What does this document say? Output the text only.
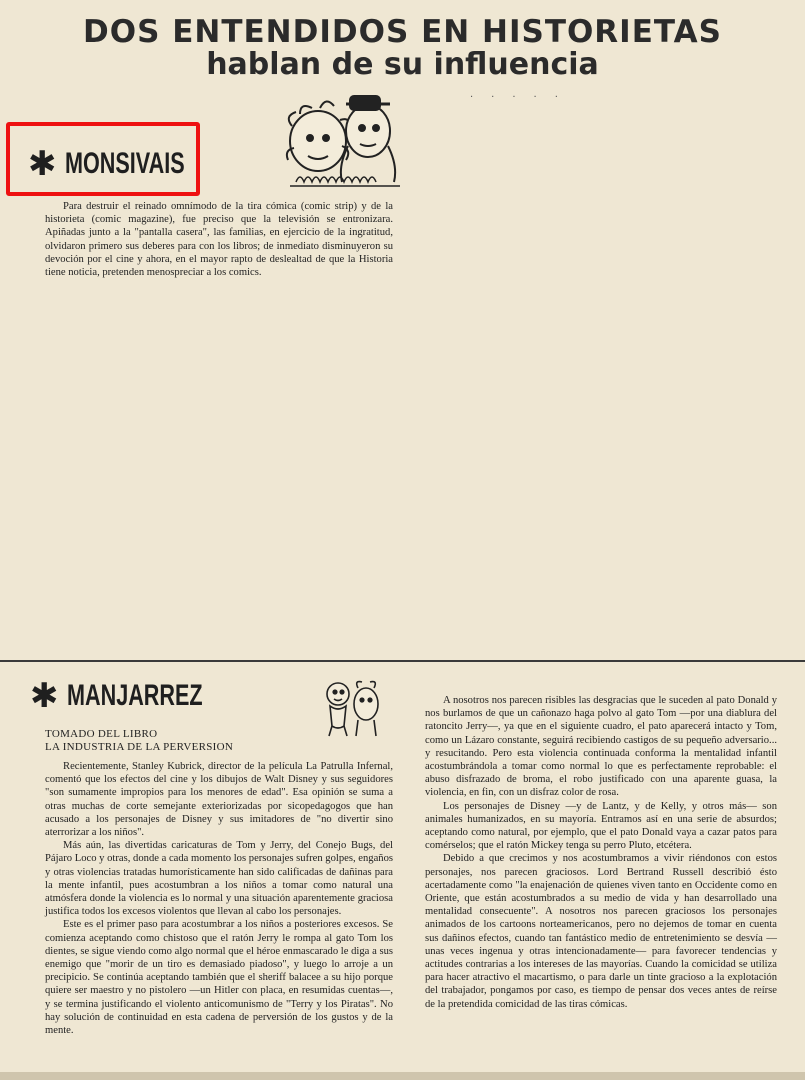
DOS ENTENDIDOS EN HISTORIETAS
hablan de su influencia
·····
✱ MONSIVAIS

Para destruir el reinado omnímodo de la tira cómica (comic strip) y de la historieta (comic magazine), fue preciso que la televisión se entronizara. Apiñadas junto a la "pantalla casera", las familias, en ejercicio de la ingratitud, olvidaron primero sus deberes para con los libros; de inmediato disminuyeron su devoción por el cine y ahora, en el mayor rapto de deslealtad de que la Historia tiene noticia, pretenden menospreciar a los comics.

✱ MANJARREZ
TOMADO DEL LIBRO
LA INDUSTRIA DE LA PERVERSION

Recientemente, Stanley Kubrick, director de la película La Patrulla Infernal, comentó que los efectos del cine y los dibujos de Walt Disney y sus seguidores "son sumamente impropios para los menores de edad". Esa opinión se suma a otras muchas de corte semejante exteriorizadas por sicopedagogos que han acusado a los personajes de Disney y sus imitadores de "no divertir sino aterrorizar a los niños".

Más aún, las divertidas caricaturas de Tom y Jerry, del Conejo Bugs, del Pájaro Loco y otras, donde a cada momento los personajes sufren golpes, engaños y otras violencias tratadas humorísticamente han sido calificadas de dañinas para la mente infantil, pues acostumbran a los niños a tomar como natural una atmósfera donde la violencia es lo normal y una situación aparentemente graciosa justifica todos los excesos violentos que llevan al cabo los personajes.

Este es el primer paso para acostumbrar a los niños a posteriores excesos. Se comienza aceptando como chistoso que el ratón Jerry le rompa al gato Tom los dientes, se sigue viendo como algo normal que el héroe enmascarado le diga a sus enemigo que "morir de un tiro es demasiado piadoso", y luego lo arroje a un precipicio. Se continúa aceptando también que el sheriff balacee a su hijo porque quiere ser maestro y no pistolero —un Hitler con placa, en resumidas cuentas—, y se termina justificando el violento anticomunismo de "Terry y los Piratas". No hay solución de continuidad en esta cadena de perversión de los gustos y de la mente.

A nosotros nos parecen risibles las desgracias que le suceden al pato Donald y nos burlamos de que un cañonazo haga polvo al gato Tom —por una diablura del ratoncito Jerry—, ya que en el siguiente cuadro, el pato aparecerá intacto y Tom, como un Lázaro constante, seguirá recibiendo castigos de su pequeño adversario... y resucitando. Pero esta violencia continuada conforma la mentalidad infantil acostumbrándola a tomar como normal lo que es perfectamente reprobable: el abuso disfrazado de broma, el robo justificado con una aparente guasa, la violencia, en fin, con un disfraz color de rosa.

Los personajes de Disney —y de Lantz, y de Kelly, y otros más— son animales humanizados, en su mayoría. Entramos así en una serie de absurdos; aceptando como natural, por ejemplo, que el pato Donald vaya a cazar patos para comérselos; que el ratón Mickey tenga su perro Pluto, etcétera.

Debido a que crecimos y nos acostumbramos a vivir riéndonos con estos personajes, nos parecen graciosos. Lord Bertrand Russell describió ésto acertadamente como "la enajenación de quienes viven tanto en Occidente como en Oriente, que están acostumbrados a su medio de vida y han desarrollado una mentalidad consecuente". A nosotros nos parecen graciosos los personajes animados de los cartoons norteamericanos, pero no dejemos de tomar en cuenta sus dañinos efectos, cuando tan fantástico medio de entretenimiento se desvía —unas veces ingenua y otras intencionadamente— para favorecer tendencias y actitudes contrarias a los intereses de las mayorías. Cuando la comicidad se utiliza para hacer atractivo el macartismo, o para darle un tinte gracioso a la explotación del trabajador, pongamos por caso, es tiempo de pensar dos veces antes de reírse de la pretendida comicidad de las tiras cómicas.
